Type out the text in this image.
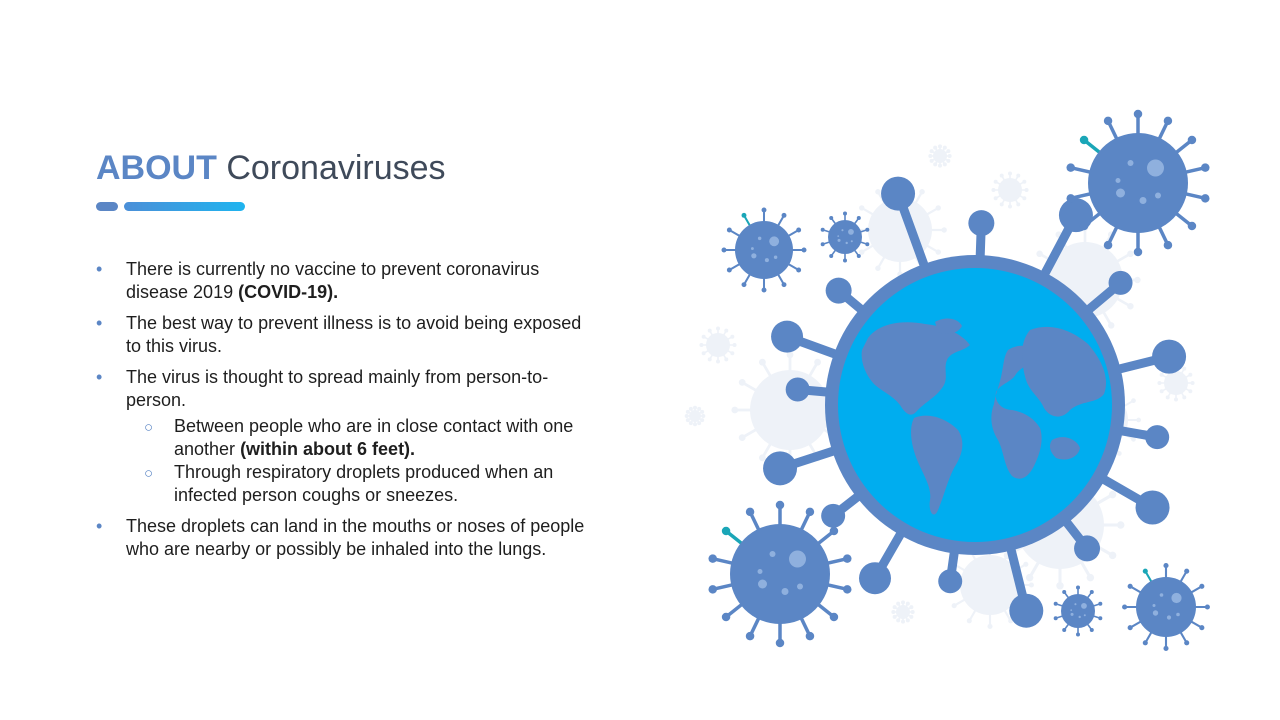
ABOUT Coronaviruses
• There is currently no vaccine to prevent coronavirus disease 2019 (COVID-19).
• The best way to prevent illness is to avoid being exposed to this virus.
• The virus is thought to spread mainly from person-to-person.
○ Between people who are in close contact with one another (within about 6 feet).
○ Through respiratory droplets produced when an infected person coughs or sneezes.
• These droplets can land in the mouths or noses of people who are nearby or possibly be inhaled into the lungs.
